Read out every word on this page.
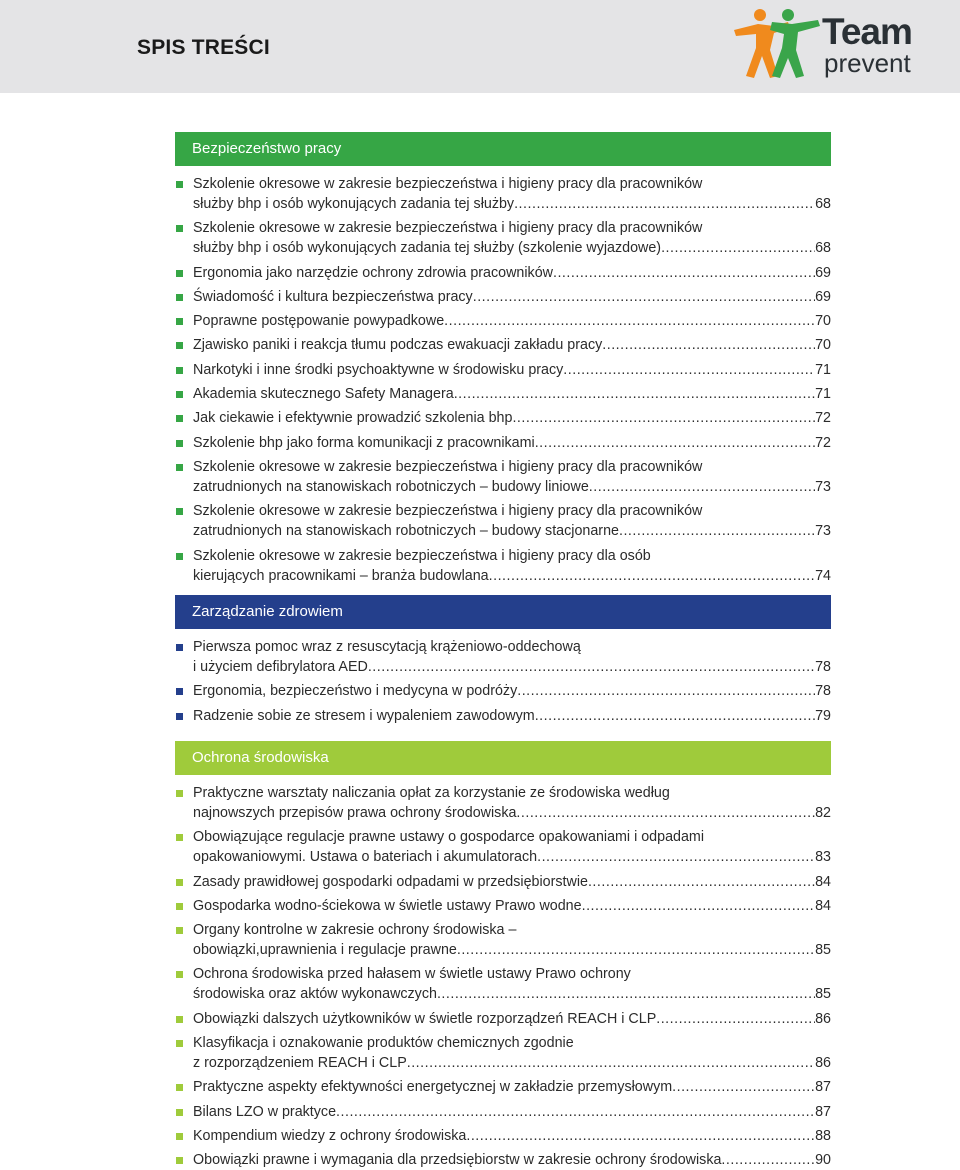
SPIS TREŚCI	Team
prevent
Bezpieczeństwo pracy
Szkolenie okresowe w zakresie bezpieczeństwa i higieny pracy dla pracowników
służby bhp i osób wykonujących zadania tej służby .....	68
Szkolenie okresowe w zakresie bezpieczeństwa i higieny pracy dla pracowników
służby bhp i osób wykonujących zadania tej służby (szkolenie wyjazdowe) .....	68
Ergonomia jako narzędzie ochrony zdrowia pracowników .....	69
Świadomość i kultura bezpieczeństwa pracy .....	69
Poprawne postępowanie powypadkowe .....	70
Zjawisko paniki i reakcja tłumu podczas ewakuacji zakładu pracy .....	70
Narkotyki i inne środki psychoaktywne w środowisku pracy .....	71
Akademia skutecznego Safety Managera .....	71
Jak ciekawie i efektywnie prowadzić szkolenia bhp .....	72
Szkolenie bhp jako forma komunikacji z pracownikami .....	72
Szkolenie okresowe w zakresie bezpieczeństwa i higieny pracy dla pracowników
zatrudnionych na stanowiskach robotniczych – budowy liniowe .....	73
Szkolenie okresowe w zakresie bezpieczeństwa i higieny pracy dla pracowników
zatrudnionych na stanowiskach robotniczych – budowy stacjonarne .....	73
Szkolenie okresowe w zakresie bezpieczeństwa i higieny pracy dla osób
kierujących pracownikami – branża budowlana .....	74
Zarządzanie zdrowiem
Pierwsza pomoc wraz z resuscytacją krążeniowo-oddechową
i użyciem defibrylatora AED .....	78
Ergonomia, bezpieczeństwo i medycyna w podróży .....	78
Radzenie sobie ze stresem i wypaleniem zawodowym .....	79
Ochrona środowiska
Praktyczne warsztaty naliczania opłat za korzystanie ze środowiska według
najnowszych przepisów prawa ochrony środowiska .....	82
Obowiązujące regulacje prawne ustawy o gospodarce opakowaniami i odpadami
opakowaniowymi. Ustawa o bateriach i akumulatorach .....	83
Zasady prawidłowej gospodarki odpadami w przedsiębiorstwie .....	84
Gospodarka wodno-ściekowa w świetle ustawy Prawo wodne .....	84
Organy kontrolne w zakresie ochrony środowiska –
obowiązki,uprawnienia i regulacje prawne .....	85
Ochrona środowiska przed hałasem w świetle ustawy Prawo ochrony
środowiska oraz aktów wykonawczych .....	85
Obowiązki dalszych użytkowników w świetle rozporządzeń REACH i CLP .....	86
Klasyfikacja i oznakowanie produktów chemicznych zgodnie
z rozporządzeniem REACH i CLP .....	86
Praktyczne aspekty efektywności energetycznej w zakładzie przemysłowym .....	87
Bilans LZO w praktyce .....	87
Kompendium wiedzy z ochrony środowiska .....	88
Obowiązki prawne i wymagania dla przedsiębiorstw w zakresie ochrony środowiska .....	90
